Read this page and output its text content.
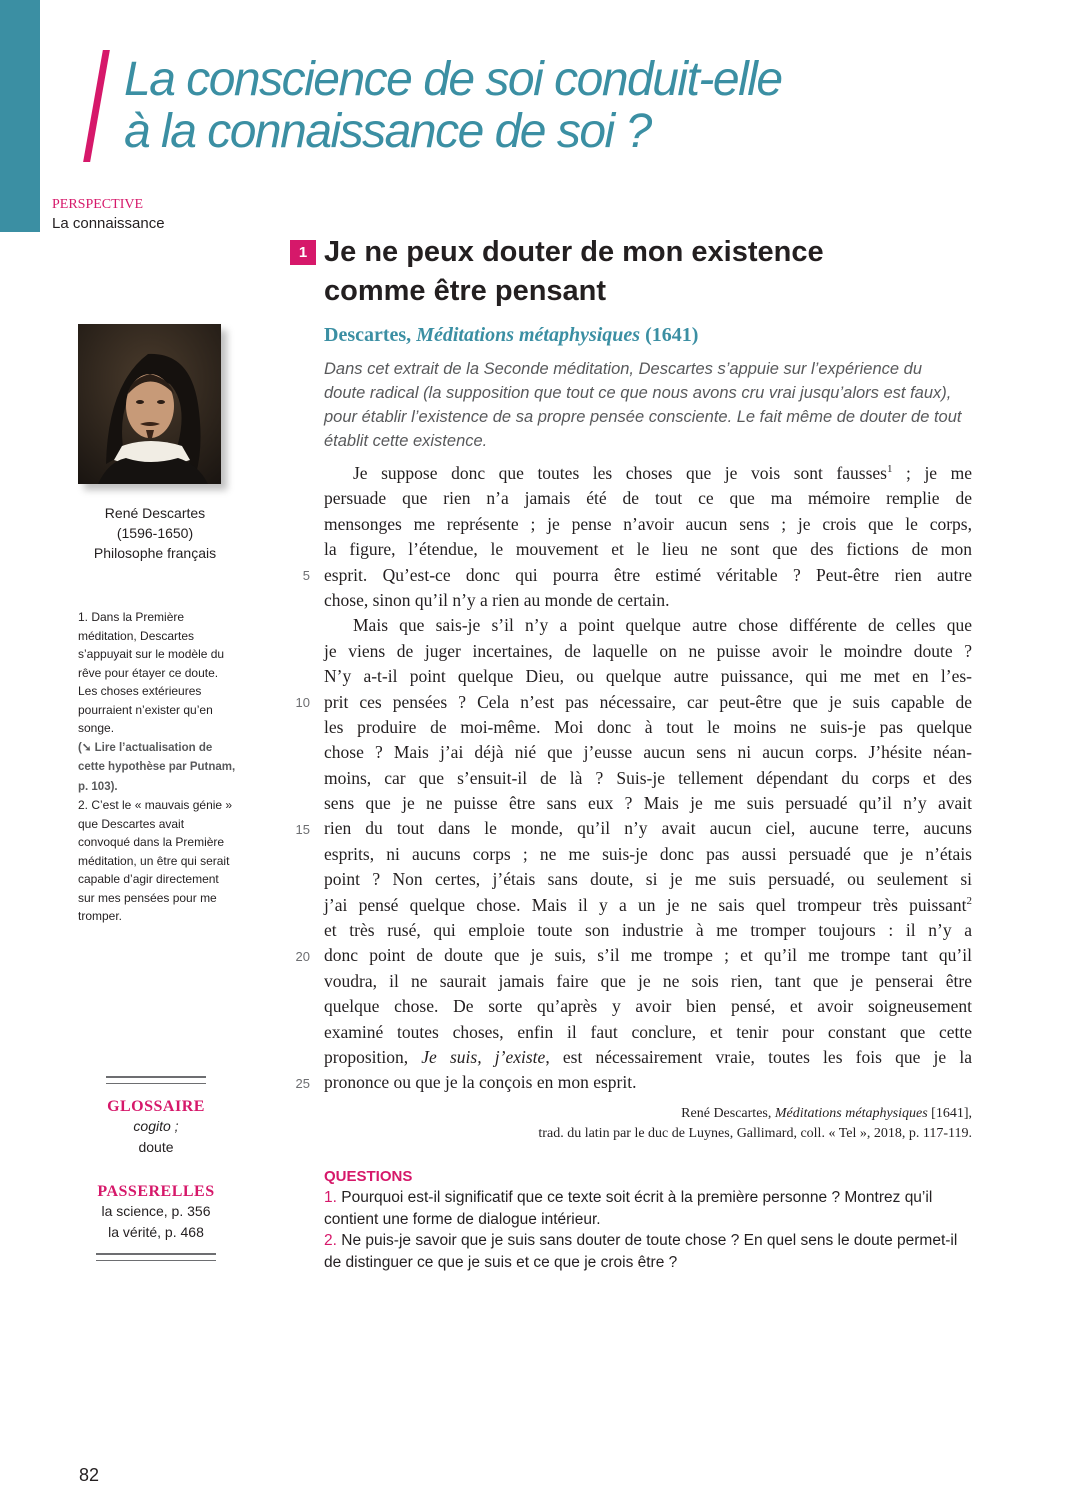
La conscience de soi conduit-elle
à la connaissance de soi ?
PERSPECTIVE
La connaissance
René Descartes
(1596-1650)
Philosophe français

1. Dans la Première méditation, Descartes s’appuyait sur le modèle du rêve pour étayer ce doute. Les choses extérieures pourraient n’exister qu’en songe.
(➘ Lire l’actualisation de cette hypothèse par Putnam, p. 103).

2. C’est le « mauvais génie » que Descartes avait convoqué dans la Première méditation, un être qui serait capable d’agir directement sur mes pensées pour me tromper.

GLOSSAIRE
cogito ;
doute
PASSERELLES
la science, p. 356
la vérité, p. 468
1 Je ne peux douter de mon existence
comme être pensant
Descartes, Méditations métaphysiques (1641)

Dans cet extrait de la Seconde méditation, Descartes s’appuie sur l’expérience du doute radical (la supposition que tout ce que nous avons cru vrai jusqu’alors est faux), pour établir l’existence de sa propre pensée consciente. Le fait même de douter de tout établit cette existence.

Je suppose donc que toutes les choses que je vois sont fausses$^1$ ; je me
persuade que rien n’a jamais été de tout ce que ma mémoire remplie de
mensonges me représente ; je pense n’avoir aucun sens ; je crois que le corps,
la figure, l’étendue, le mouvement et le lieu ne sont que des fictions de mon
esprit. Qu’est-ce donc qui pourra être estimé véritable ? Peut-être rien autre
chose, sinon qu’il n’y a rien au monde de certain.
Mais que sais-je s’il n’y a point quelque autre chose différente de celles que
je viens de juger incertaines, de laquelle on ne puisse avoir le moindre doute ?
N’y a-t-il point quelque Dieu, ou quelque autre puissance, qui me met en l’es-
prit ces pensées ? Cela n’est pas nécessaire, car peut-être que je suis capable de
les produire de moi-même. Moi donc à tout le moins ne suis-je pas quelque
chose ? Mais j’ai déjà nié que j’eusse aucun sens ni aucun corps. J’hésite néan-
moins, car que s’ensuit-il de là ? Suis-je tellement dépendant du corps et des
sens que je ne puisse être sans eux ? Mais je me suis persuadé qu’il n’y avait
rien du tout dans le monde, qu’il n’y avait aucun ciel, aucune terre, aucuns
esprits, ni aucuns corps ; ne me suis-je donc pas aussi persuadé que je n’étais
point ? Non certes, j’étais sans doute, si je me suis persuadé, ou seulement si
j’ai pensé quelque chose. Mais il y a un je ne sais quel trompeur très puissant$^2$
et très rusé, qui emploie toute son industrie à me tromper toujours : il n’y a
donc point de doute que je suis, s’il me trompe ; et qu’il me trompe tant qu’il
voudra, il ne saurait jamais faire que je ne sois rien, tant que je penserai être
quelque chose. De sorte qu’après y avoir bien pensé, et avoir soigneusement
examiné toutes choses, enfin il faut conclure, et tenir pour constant que cette
proposition, Je suis, j’existe, est nécessairement vraie, toutes les fois que je la
prononce ou que je la conçois en mon esprit.
5
10
15
20
25
René Descartes, Méditations métaphysiques [1641],
trad. du latin par le duc de Luynes, Gallimard, coll. « Tel », 2018, p. 117-119.
QUESTIONS

1. Pourquoi est-il significatif que ce texte soit écrit à la première personne ? Montrez qu’il contient une forme de dialogue intérieur.

2. Ne puis-je savoir que je suis sans douter de toute chose ? En quel sens le doute permet-il de distinguer ce que je suis et ce que je crois être ?

82
